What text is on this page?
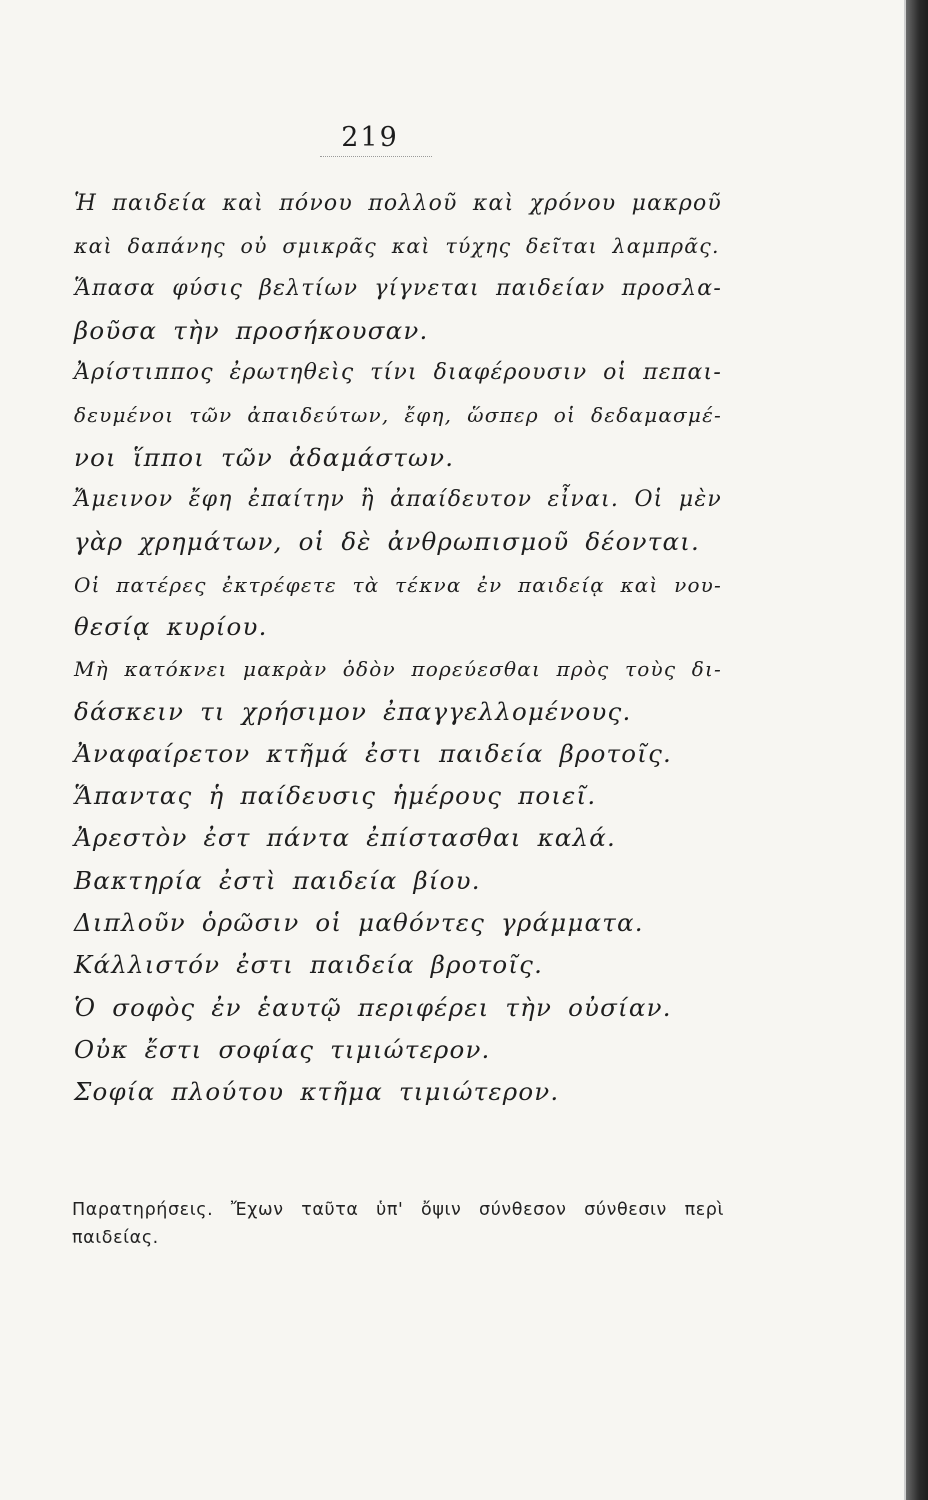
219
Ἡ παιδεία καὶ πόνου πολλοῦ καὶ χρόνου μακροῦ
καὶ δαπάνης οὐ σμικρᾶς καὶ τύχης δεῖται λαμπρᾶς.
Ἅπασα φύσις βελτίων γίγνεται παιδείαν προσλα-
βοῦσα τὴν προσήκουσαν.
Ἀρίστιππος ἐρωτηθεὶς τίνι διαφέρουσιν οἱ πεπαι-
δευμένοι τῶν ἀπαιδεύτων, ἔφη, ὥσπερ οἱ δεδαμασμέ-
νοι ἵπποι τῶν ἀδαμάστων.
Ἄμεινον ἔφη ἐπαίτην ἢ ἀπαίδευτον εἶναι. Οἱ μὲν
γὰρ χρημάτων, οἱ δὲ ἀνθρωπισμοῦ δέονται.
Οἱ πατέρες ἐκτρέφετε τὰ τέκνα ἐν παιδείᾳ καὶ νου-
θεσίᾳ κυρίου.
Μὴ κατόκνει μακρὰν ὁδὸν πορεύεσθαι πρὸς τοὺς δι-
δάσκειν τι χρήσιμον ἐπαγγελλομένους.
Ἀναφαίρετον κτῆμά ἐστι παιδεία βροτοῖς.
Ἅπαντας ἡ παίδευσις ἡμέρους ποιεῖ.
Ἀρεστὸν ἐστ πάντα ἐπίστασθαι καλά.
Βακτηρία ἐστὶ παιδεία βίου.
Διπλοῦν ὁρῶσιν οἱ μαθόντες γράμματα.
Κάλλιστόν ἐστι παιδεία βροτοῖς.
Ὁ σοφὸς ἐν ἑαυτῷ περιφέρει τὴν οὐσίαν.
Οὐκ ἔστι σοφίας τιμιώτερον.
Σοφία πλούτου κτῆμα τιμιώτερον.
Παρατηρήσεις. Ἔχων ταῦτα ὑπ' ὄψιν σύνθεσον σύνθεσιν περὶ
παιδείας.
